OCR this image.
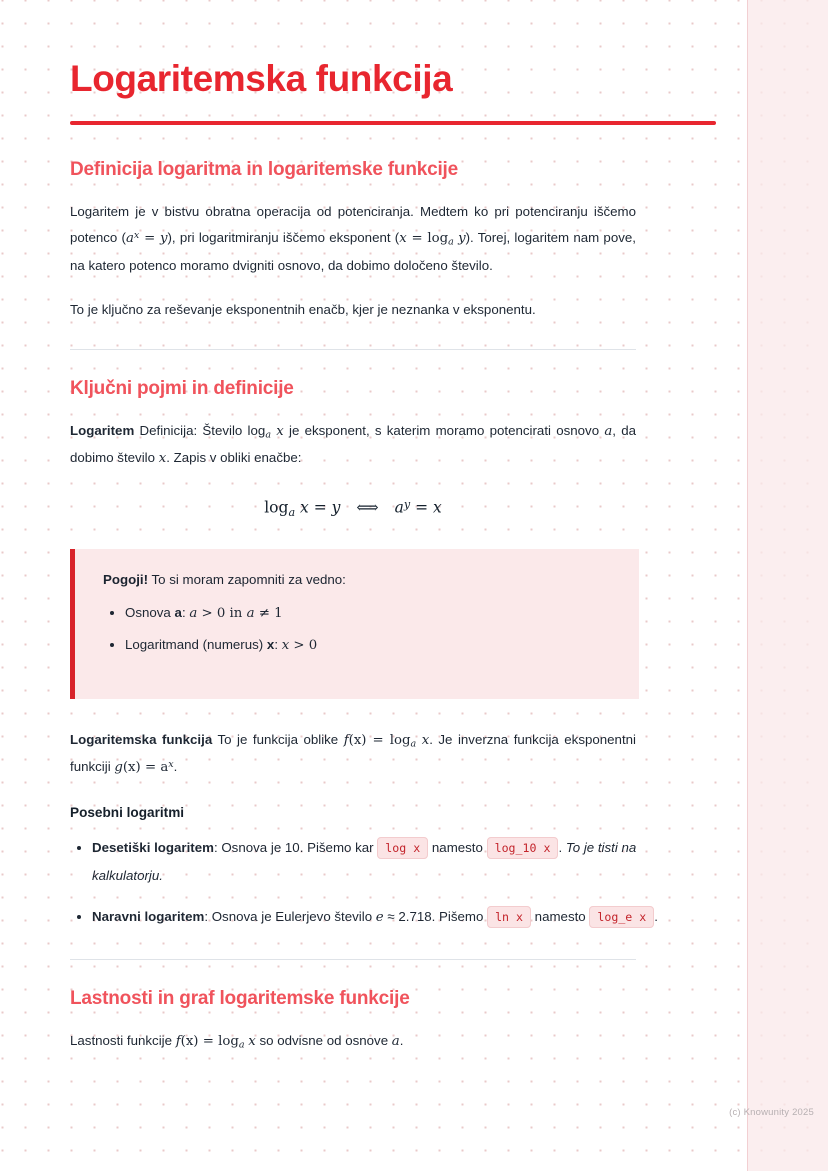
Logaritemska funkcija
Definicija logaritma in logaritemske funkcije

Logaritem je v bistvu obratna operacija od potenciranja. Medtem ko pri potenciranju iščemo potenco $(a^x = y)$, pri logaritmiranju iščemo eksponent $(x = \log_a y)$. Torej, logaritem nam pove, na katero potenco moramo dvigniti osnovo, da dobimo določeno število.

To je ključno za reševanje eksponentnih enačb, kjer je neznanka v eksponentu.

Ključni pojmi in definicije

Logaritem Definicija: Število $\log_a x$ je eksponent, s katerim moramo potencirati osnovo a, da dobimo število x. Zapis v obliki enačbe:

$\log_a x = y$ ⟺ $a^y = x$

Pogoji! To si moram zapomniti za vedno:

• Osnova a: a > 0 in a ≠ 1
• Logaritmand (numerus) x: x > 0

Logaritemska funkcija To je funkcija oblike $f(x) = \log_a x$. Je inverzna funkcija eksponentni funkciji $g(x) = a^x$.

Posebni logaritmi
• Desetiški logaritem: Osnova je 10. Pišemo kar log x namesto log_10 x . To je tisti na kalkulatorju.
• Naravni logaritem: Osnova je Eulerjevo število e ≈ 2.718. Pišemo ln x namesto log_e x .
Lastnosti in graf logaritemske funkcije

Lastnosti funkcije $f(x) = \log_a x$ so odvisne od osnove a.

(c) Knowunity 2025
